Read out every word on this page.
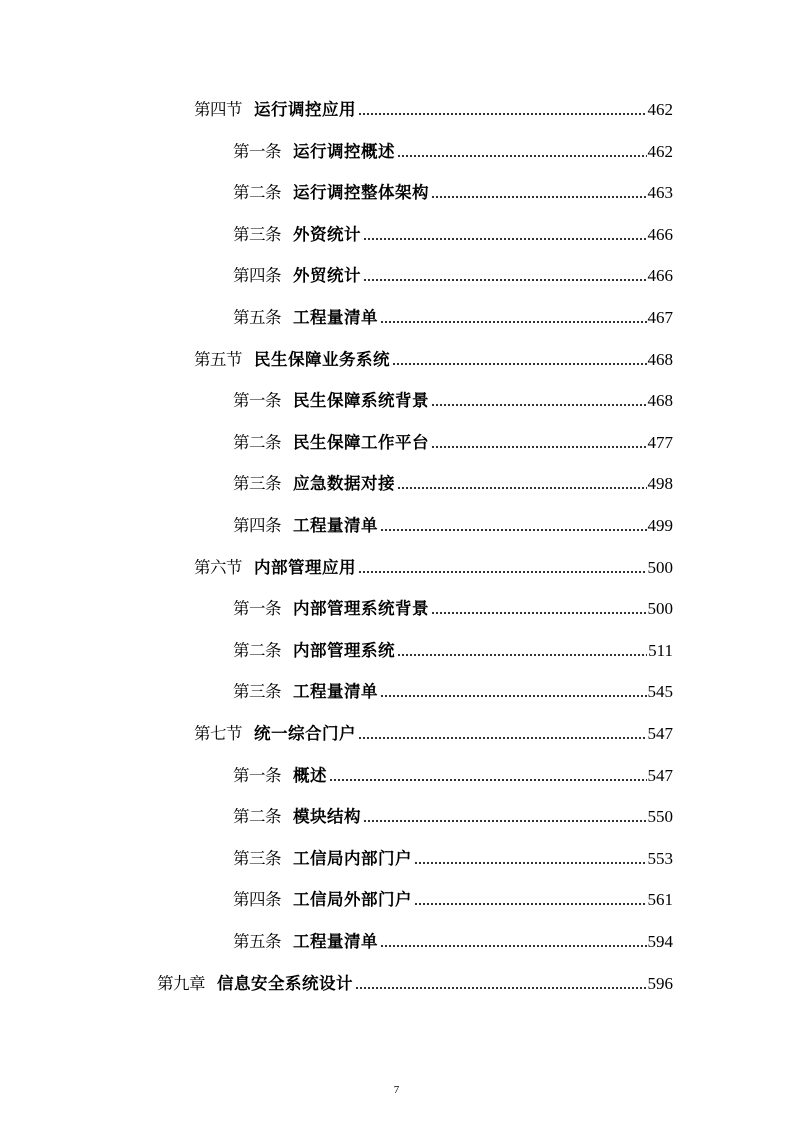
第四节 运行调控应用	462
第一条 运行调控概述	462
第二条 运行调控整体架构	463
第三条 外资统计	466
第四条 外贸统计	466
第五条 工程量清单	467
第五节 民生保障业务系统	468
第一条 民生保障系统背景	468
第二条 民生保障工作平台	477
第三条 应急数据对接	498
第四条 工程量清单	499
第六节 内部管理应用	500
第一条 内部管理系统背景	500
第二条 内部管理系统	511
第三条 工程量清单	545
第七节 统一综合门户	547
第一条 概述	547
第二条 模块结构	550
第三条 工信局内部门户	553
第四条 工信局外部门户	561
第五条 工程量清单	594
第九章 信息安全系统设计	596
7
